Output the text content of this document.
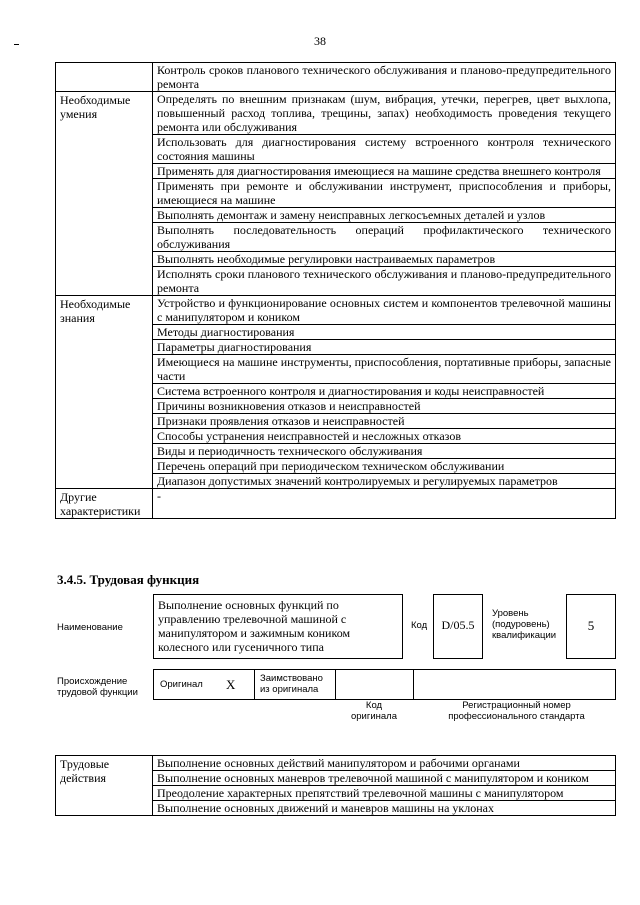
38
	Контроль сроков планового технического обслуживания и планово-предупредительного ремонта
Необходимые умения	Определять по внешним признакам (шум, вибрация, утечки, перегрев, цвет выхлопа, повышенный расход топлива, трещины, запах) необходимость проведения текущего ремонта или обслуживания
	Использовать для диагностирования систему встроенного контроля технического состояния машины
	Применять для диагностирования имеющиеся на машине средства внешнего контроля
	Применять при ремонте и обслуживании инструмент, приспособления и приборы, имеющиеся на машине
	Выполнять демонтаж и замену неисправных легкосъемных деталей и узлов
	Выполнять последовательность операций профилактического технического обслуживания
	Выполнять необходимые регулировки настраиваемых параметров
	Исполнять сроки планового технического обслуживания и планово-предупредительного ремонта
Необходимые знания	Устройство и функционирование основных систем и компонентов трелевочной машины с манипулятором и коником
	Методы диагностирования
	Параметры диагностирования
	Имеющиеся на машине инструменты, приспособления, портативные приборы, запасные части
	Система встроенного контроля и диагностирования и коды неисправностей
	Причины возникновения отказов и неисправностей
	Признаки проявления отказов и неисправностей
	Способы устранения неисправностей и несложных отказов
	Виды и периодичность технического обслуживания
	Перечень операций при периодическом техническом обслуживании
	Диапазон допустимых значений контролируемых и регулируемых параметров
Другие характеристики	-
3.4.5. Трудовая функция
Наименование
Выполнение основных функций по управлению трелевочной машиной с манипулятором и зажимным коником колесного или гусеничного типа
Код	D/05.5
Уровень (подуровень) квалификации
5
Происхождение трудовой функции
Оригинал X	Заимствовано из оригинала
Код оригинала
Регистрационный номер профессионального стандарта
Трудовые действия	Выполнение основных действий манипулятором и рабочими органами
Выполнение основных маневров трелевочной машиной с манипулятором и коником
Преодоление характерных препятствий трелевочной машины с манипулятором
Выполнение основных движений и маневров машины на уклонах
